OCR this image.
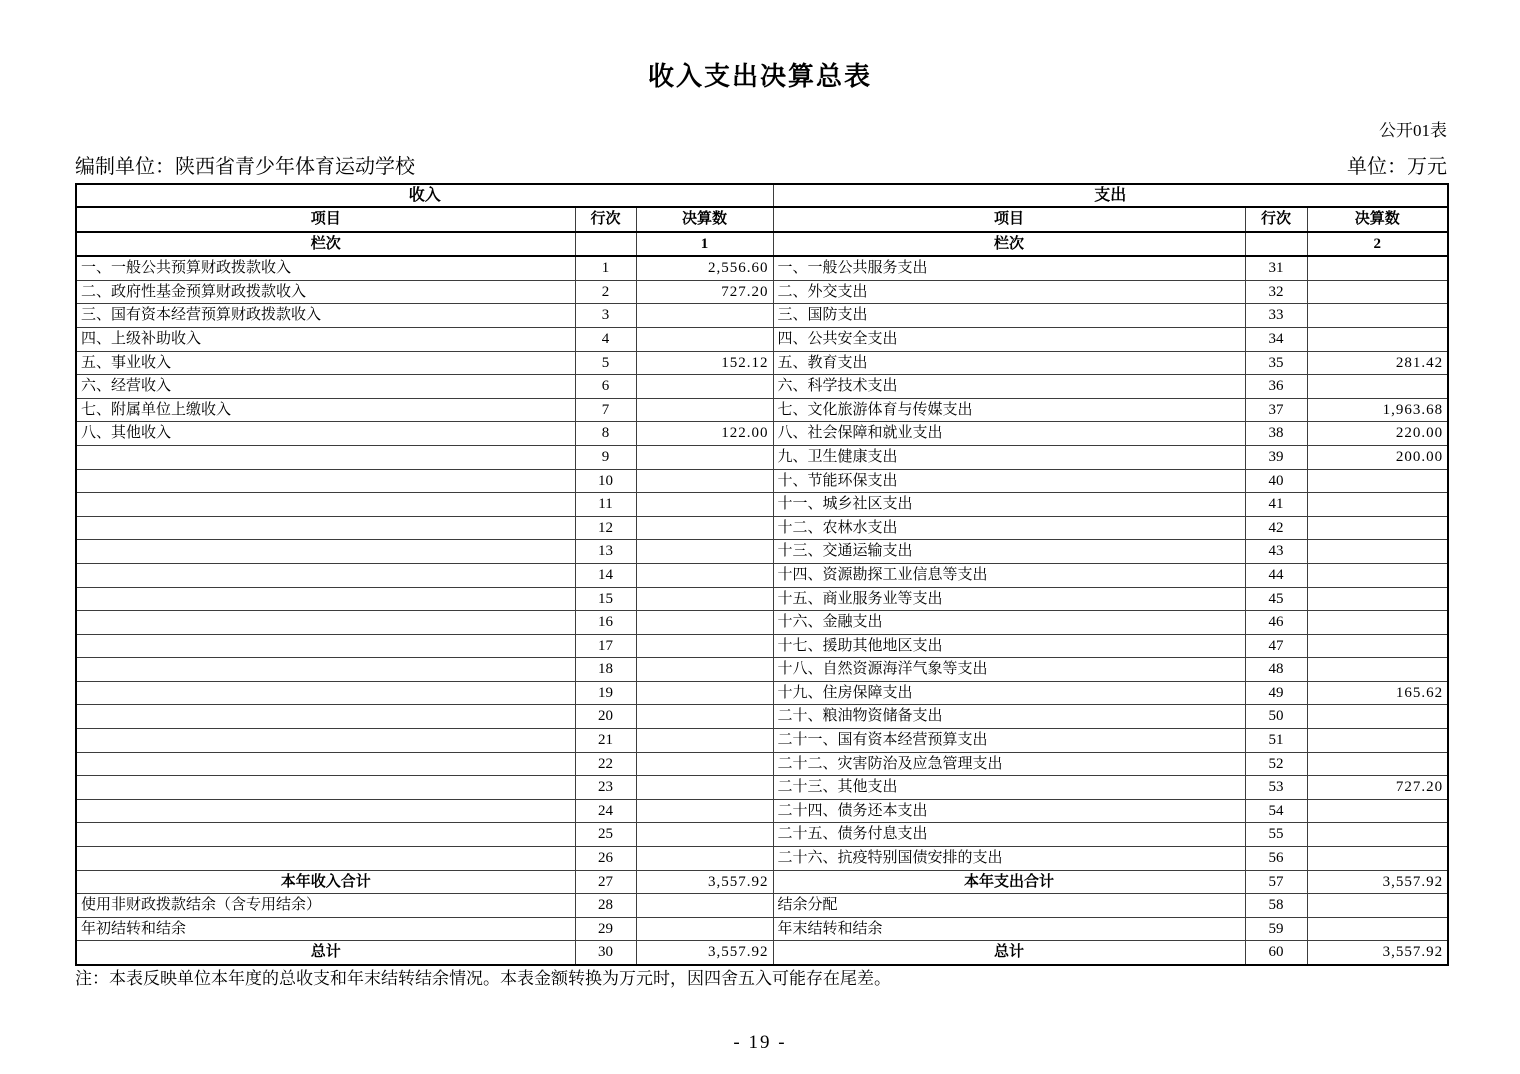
收入支出决算总表
公开01表
编制单位：陕西省青少年体育运动学校	单位：万元
收入			支出		
项目	行次	决算数	项目	行次	决算数
栏次		1	栏次		2
一、一般公共预算财政拨款收入	1	2,556.60	一、一般公共服务支出	31	
二、政府性基金预算财政拨款收入	2	727.20	二、外交支出	32	
三、国有资本经营预算财政拨款收入	3		三、国防支出	33	
四、上级补助收入	4		四、公共安全支出	34	
五、事业收入	5	152.12	五、教育支出	35	281.42
六、经营收入	6		六、科学技术支出	36	
七、附属单位上缴收入	7		七、文化旅游体育与传媒支出	37	1,963.68
八、其他收入	8	122.00	八、社会保障和就业支出	38	220.00
	9		九、卫生健康支出	39	200.00
	10		十、节能环保支出	40	
	11		十一、城乡社区支出	41	
	12		十二、农林水支出	42	
	13		十三、交通运输支出	43	
	14		十四、资源勘探工业信息等支出	44	
	15		十五、商业服务业等支出	45	
	16		十六、金融支出	46	
	17		十七、援助其他地区支出	47	
	18		十八、自然资源海洋气象等支出	48	
	19		十九、住房保障支出	49	165.62
	20		二十、粮油物资储备支出	50	
	21		二十一、国有资本经营预算支出	51	
	22		二十二、灾害防治及应急管理支出	52	
	23		二十三、其他支出	53	727.20
	24		二十四、债务还本支出	54	
	25		二十五、债务付息支出	55	
	26		二十六、抗疫特别国债安排的支出	56	
本年收入合计	27	3,557.92	本年支出合计	57	3,557.92
使用非财政拨款结余（含专用结余）	28		结余分配	58	
年初结转和结余	29		年末结转和结余	59	
总计	30	3,557.92	总计	60	3,557.92
注：本表反映单位本年度的总收支和年末结转结余情况。本表金额转换为万元时，因四舍五入可能存在尾差。
- 19 -
